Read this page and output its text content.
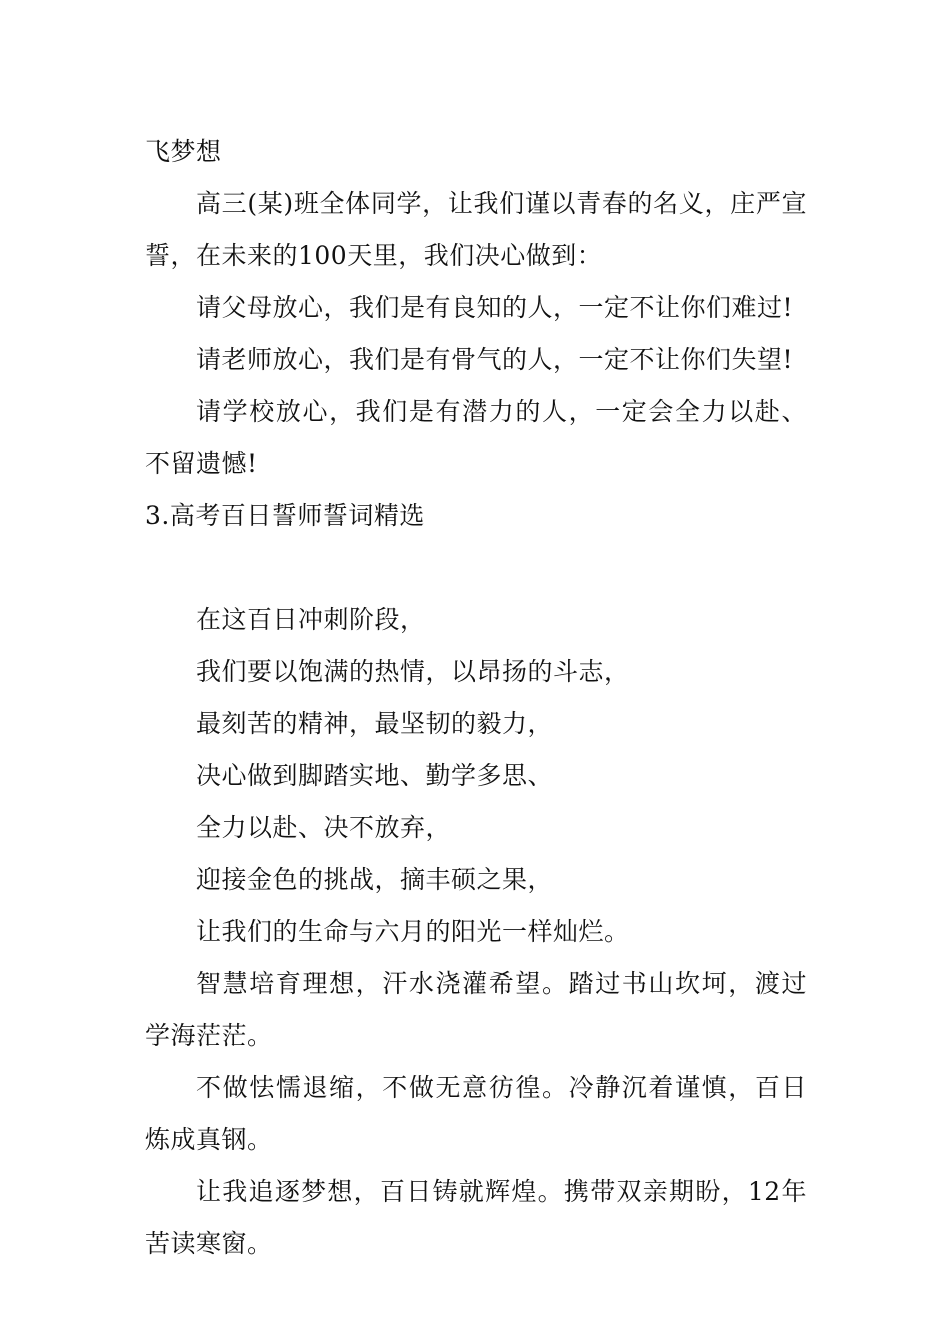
飞梦想

高三(某)班全体同学，让我们谨以青春的名义，庄严宣誓，在未来的100天里，我们决心做到：

请父母放心，我们是有良知的人，一定不让你们难过!

请老师放心，我们是有骨气的人，一定不让你们失望!

请学校放心，我们是有潜力的人，一定会全力以赴、不留遗憾!

3.高考百日誓师誓词精选

在这百日冲刺阶段，

我们要以饱满的热情，以昂扬的斗志，

最刻苦的精神，最坚韧的毅力，

决心做到脚踏实地、勤学多思、

全力以赴、决不放弃，

迎接金色的挑战，摘丰硕之果，

让我们的生命与六月的阳光一样灿烂。

智慧培育理想，汗水浇灌希望。踏过书山坎坷，渡过学海茫茫。

不做怯懦退缩，不做无意彷徨。冷静沉着谨慎，百日炼成真钢。

让我追逐梦想，百日铸就辉煌。携带双亲期盼，12年苦读寒窗。
